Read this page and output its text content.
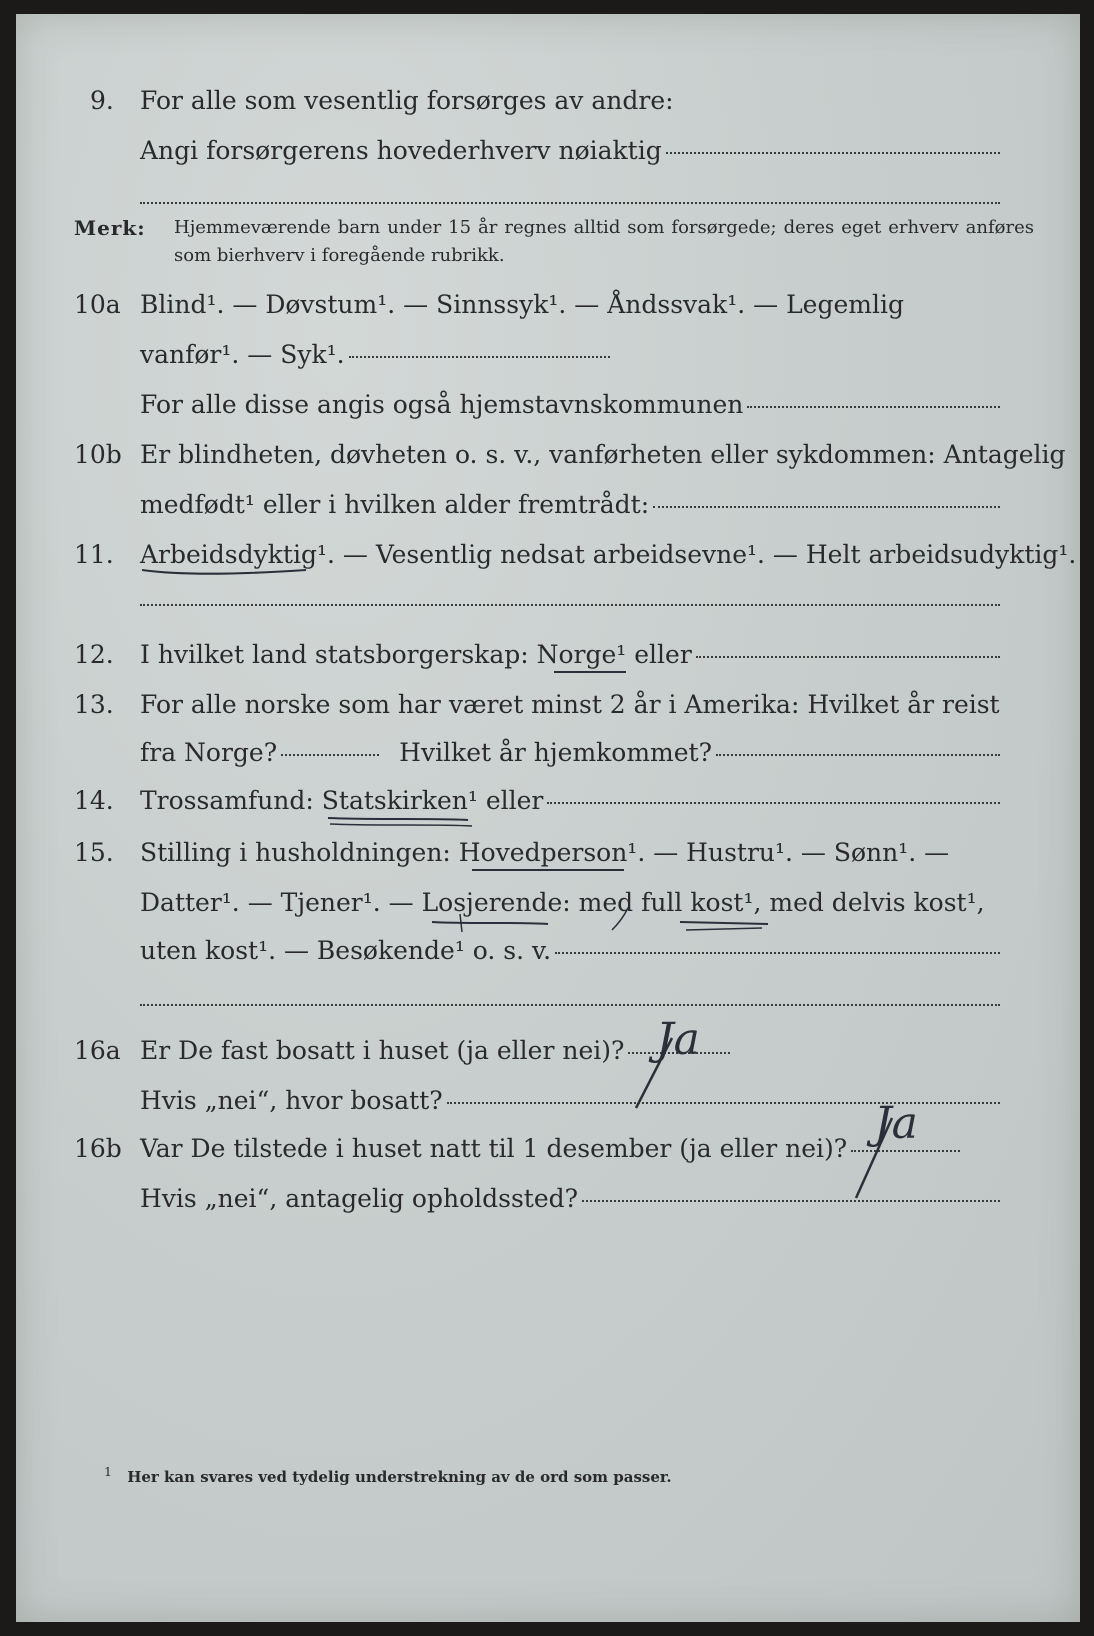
9. For alle som vesentlig forsørges av andre:
Angi forsørgerens hovederhverv nøiaktig
Merk: Hjemmeværende barn under 15 år regnes alltid som forsørgede; deres eget erhverv anføres som bierhverv i foregående rubrikk.
10a Blind¹. — Døvstum¹. — Sinnssyk¹. — Åndssvak¹. — Legemlig
vanfør¹. — Syk¹.
For alle disse angis også hjemstavnskommunen
10b Er blindheten, døvheten o. s. v., vanførheten eller sykdommen: Antagelig
medfødt¹ eller i hvilken alder fremtrådt:
11. Arbeidsdyktig¹. — Vesentlig nedsat arbeidsevne¹. — Helt arbeidsudyktig¹.
12. I hvilket land statsborgerskap: Norge¹ eller
13. For alle norske som har været minst 2 år i Amerika: Hvilket år reist
fra Norge?	Hvilket år hjemkommet?
14. Trossamfund: Statskirken¹ eller
15. Stilling i husholdningen: Hovedperson¹. — Hustru¹. — Sønn¹. —
Datter¹. — Tjener¹. — Losjerende: med full kost¹, med delvis kost¹,
uten kost¹. — Besøkende¹ o. s. v.
16a Er De fast bosatt i huset (ja eller nei)? Ja
Hvis „nei“, hvor bosatt?
16b Var De tilstede i huset natt til 1 desember (ja eller nei)? Ja
Hvis „nei“, antagelig opholdssted?
$^1$ Her kan svares ved tydelig understrekning av de ord som passer.
